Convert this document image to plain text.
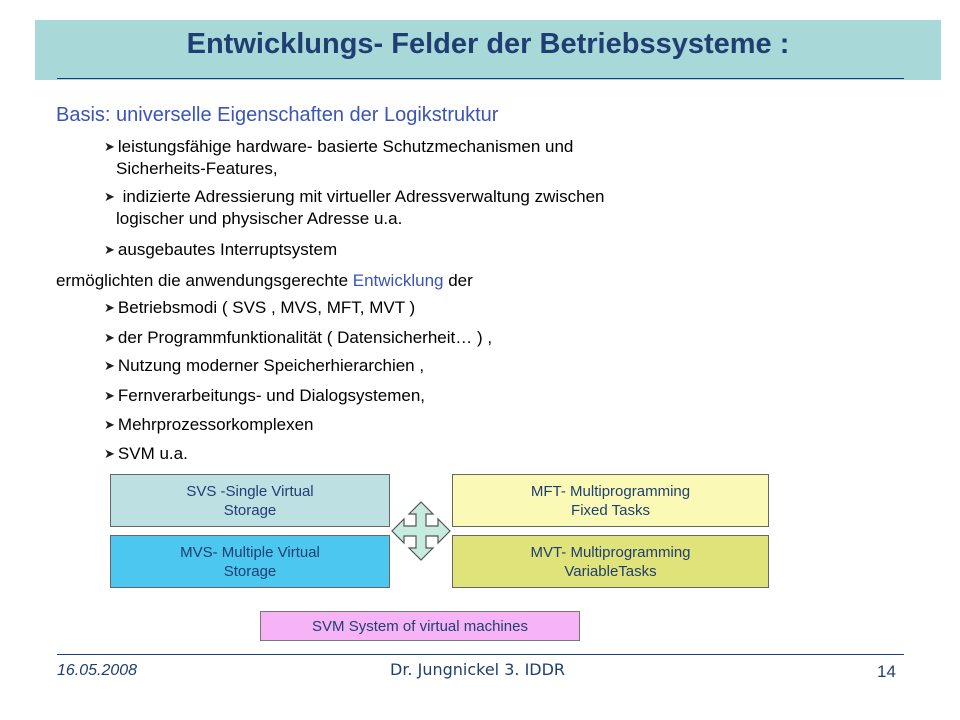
Entwicklungs- Felder der Betriebssysteme :
Basis: universelle Eigenschaften der Logikstruktur
➤ leistungsfähige hardware- basierte Schutzmechanismen und
Sicherheits-Features,
➤ indizierte Adressierung mit virtueller Adressverwaltung zwischen
logischer und physischer Adresse u.a.
➤ ausgebautes Interruptsystem
ermöglichten die anwendungsgerechte Entwicklung der
➤ Betriebsmodi ( SVS , MVS, MFT, MVT )
➤ der Programmfunktionalität ( Datensicherheit… ) ,
➤ Nutzung moderner Speicherhierarchien ,
➤ Fernverarbeitungs- und Dialogsystemen,
➤ Mehrprozessorkomplexen
➤ SVM u.a.
SVS -Single Virtual
Storage
MFT- Multiprogramming
Fixed Tasks
MVS- Multiple Virtual
Storage
MVT- Multiprogramming
VariableTasks
SVM System of virtual machines
16.05.2008	Dr. Jungnickel 3. IDDR	14
